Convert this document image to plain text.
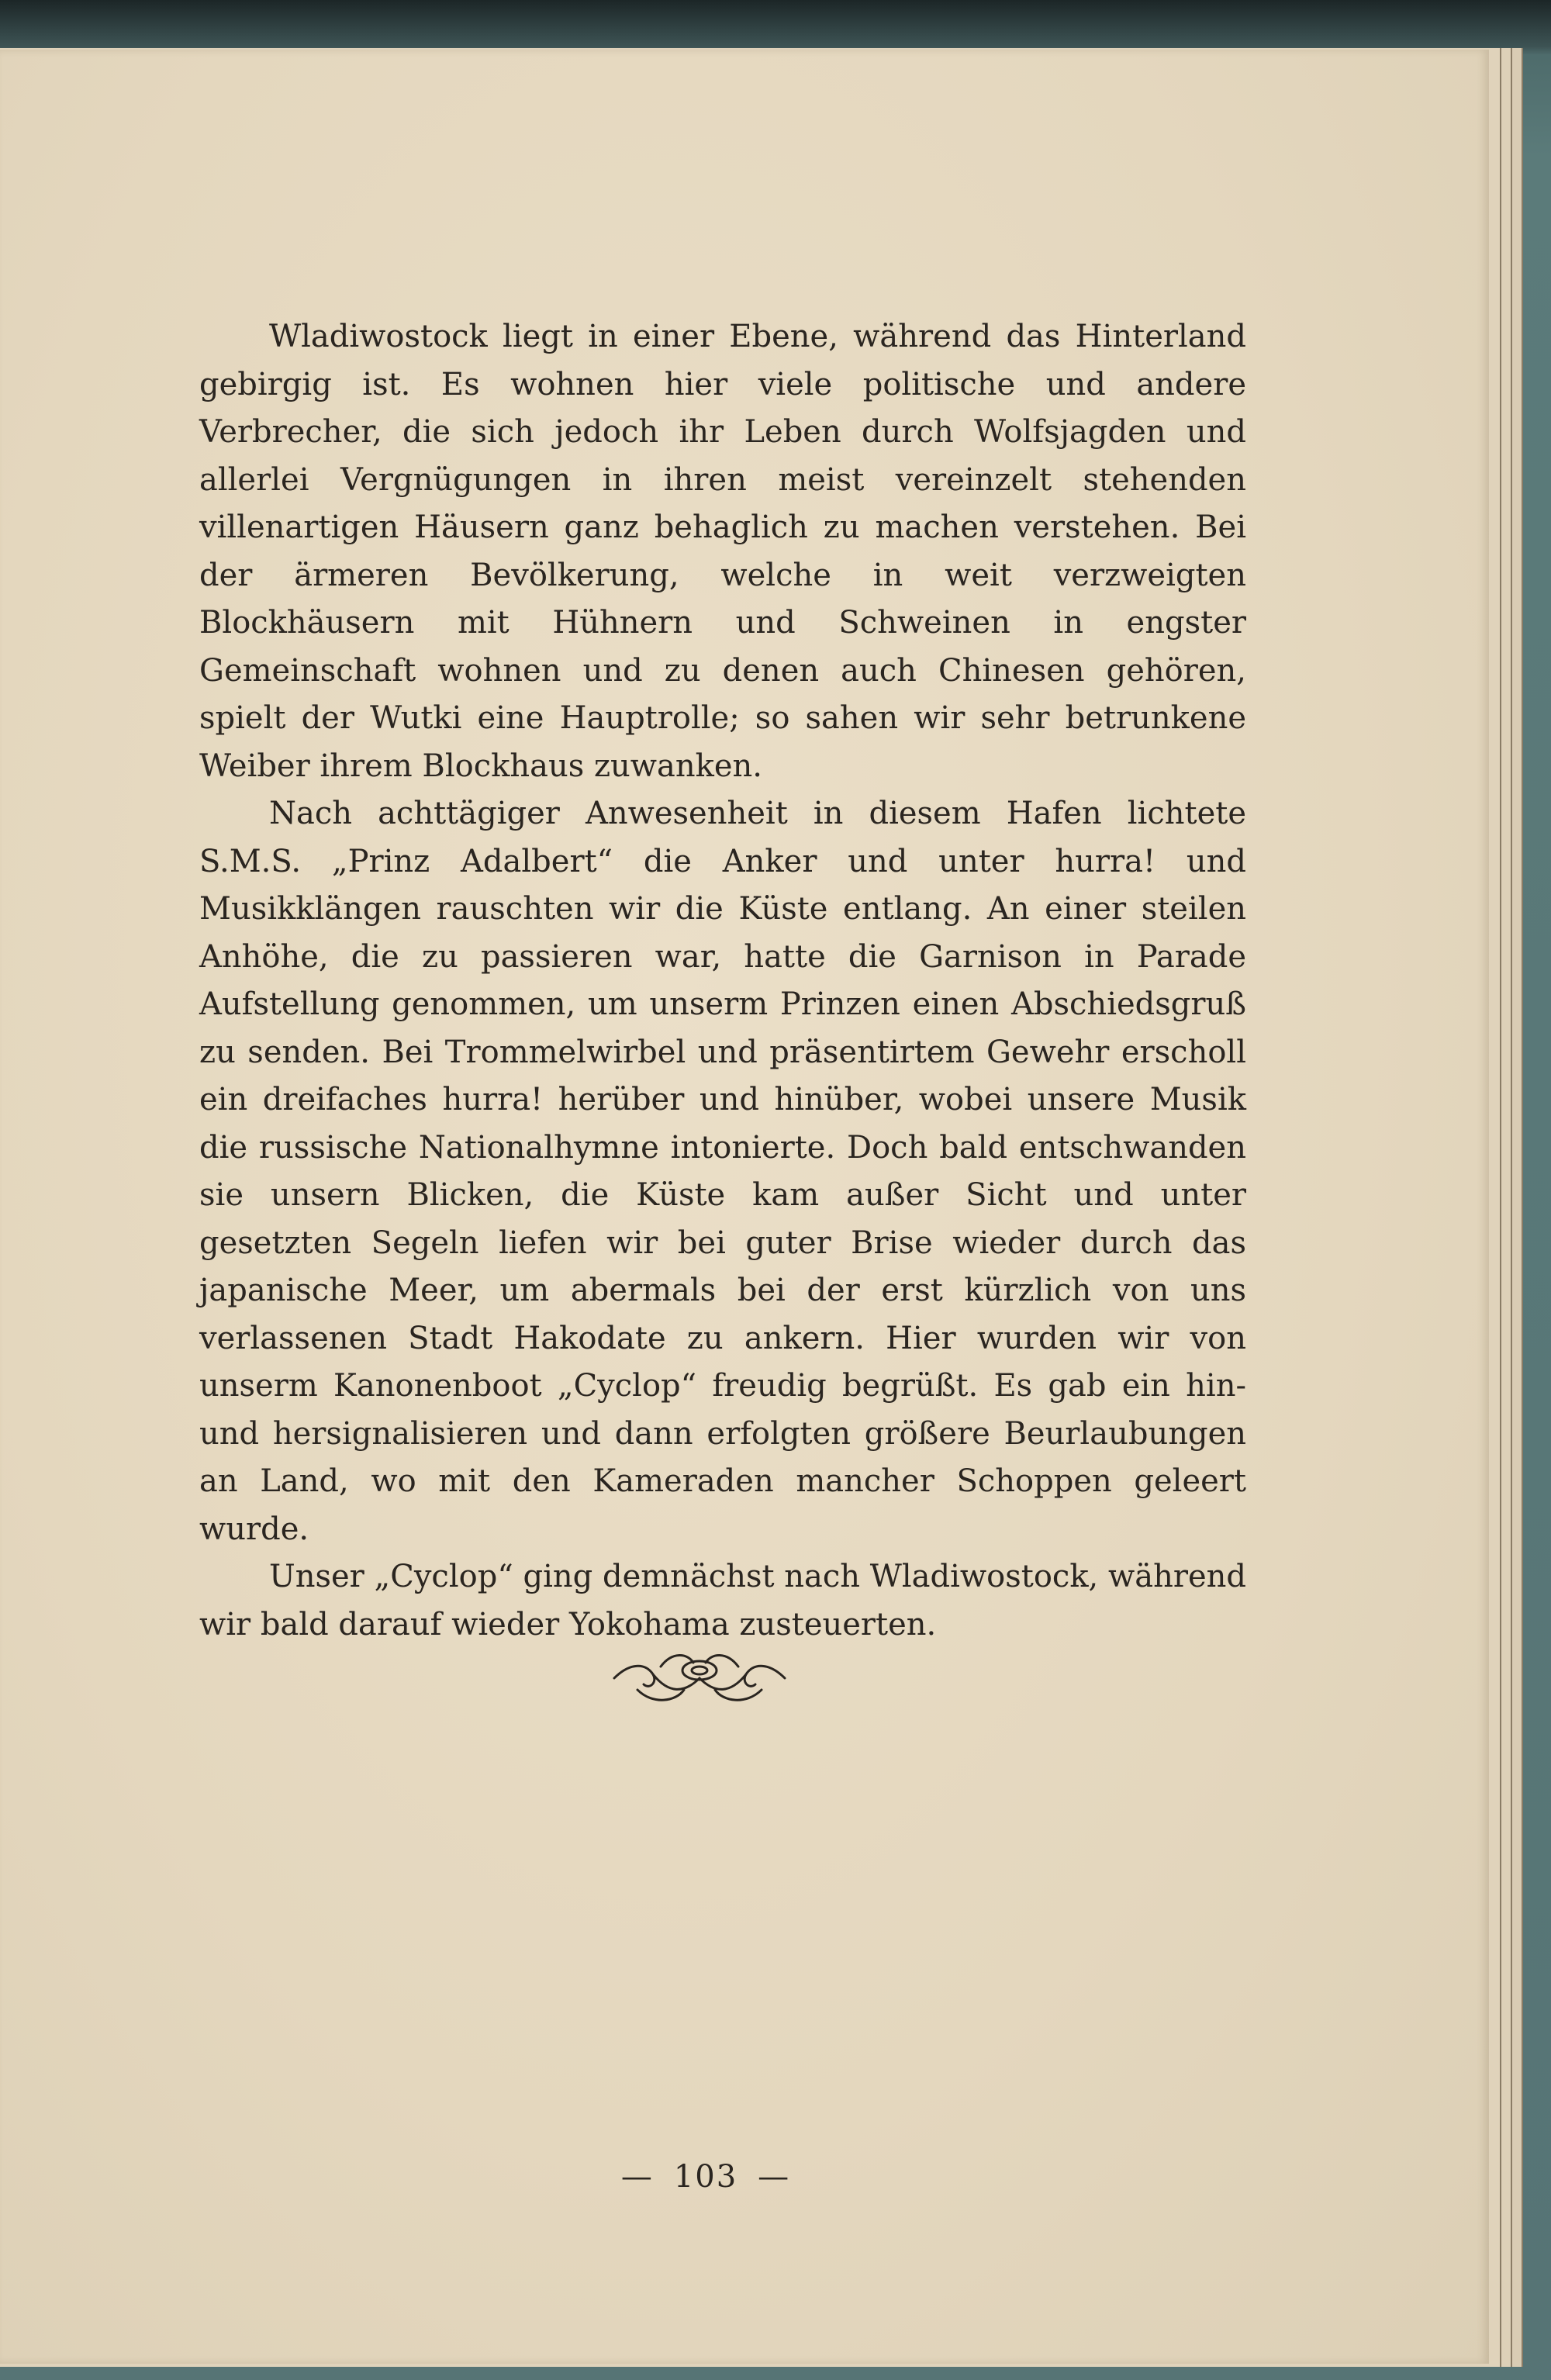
Wladiwostock liegt in einer Ebene, während das Hinterland gebirgig ist. Es wohnen hier viele politische und andere Verbrecher, die sich jedoch ihr Leben durch Wolfsjagden und allerlei Vergnügungen in ihren meist vereinzelt stehenden villenartigen Häusern ganz behaglich zu machen verstehen. Bei der ärmeren Bevölkerung, welche in weit verzweigten Blockhäusern mit Hühnern und Schweinen in engster Gemeinschaft wohnen und zu denen auch Chinesen gehören, spielt der Wutki eine Hauptrolle; so sahen wir sehr betrunkene Weiber ihrem Blockhaus zuwanken.

Nach achttägiger Anwesenheit in diesem Hafen lichtete S.M.S. „Prinz Adalbert“ die Anker und unter hurra! und Musikklängen rauschten wir die Küste entlang. An einer steilen Anhöhe, die zu passieren war, hatte die Garnison in Parade Aufstellung genommen, um unserm Prinzen einen Abschiedsgruß zu senden. Bei Trommelwirbel und präsentirtem Gewehr erscholl ein dreifaches hurra! herüber und hinüber, wobei unsere Musik die russische Nationalhymne intonierte. Doch bald entschwanden sie unsern Blicken, die Küste kam außer Sicht und unter gesetzten Segeln liefen wir bei guter Brise wieder durch das japanische Meer, um abermals bei der erst kürzlich von uns verlassenen Stadt Hakodate zu ankern. Hier wurden wir von unserm Kanonenboot „Cyclop“ freudig begrüßt. Es gab ein hin- und hersignalisieren und dann erfolgten größere Beurlaubungen an Land, wo mit den Kameraden mancher Schoppen geleert wurde.

Unser „Cyclop“ ging demnächst nach Wladiwostock, während wir bald darauf wieder Yokohama zusteuerten.

— 103 —
